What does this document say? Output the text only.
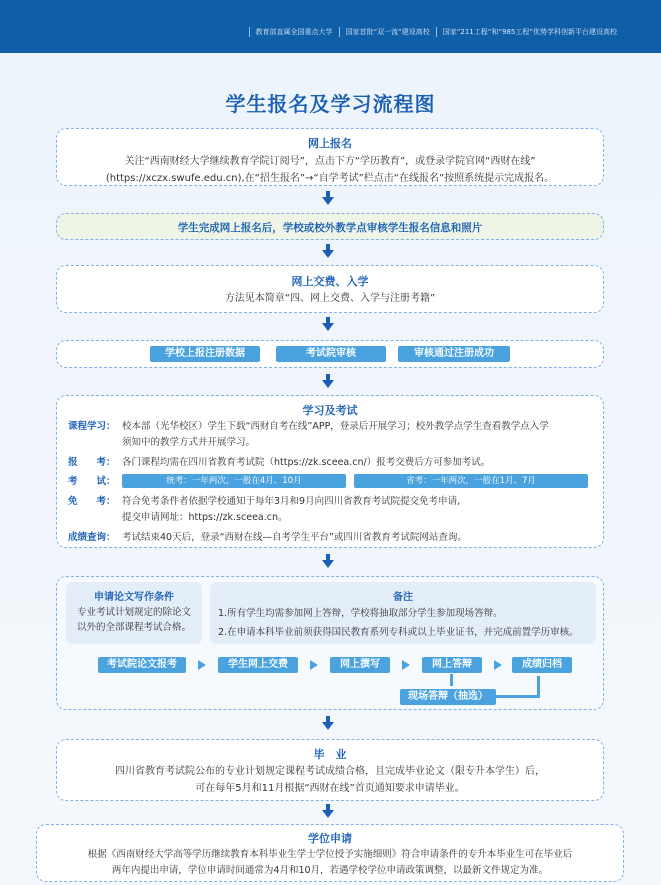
教育部直属全国重点大学	国家首批“双一流”建设高校	国家“211工程”和“985工程”优势学科创新平台建设高校
学生报名及学习流程图
网上报名
关注“西南财经大学继续教育学院订阅号”，点击下方“学历教育”，或登录学院官网“西财在线”
(https://xczx.swufe.edu.cn),在“招生报名”→“自学考试”栏点击“在线报名”按照系统提示完成报名。
学生完成网上报名后，学校或校外教学点审核学生报名信息和照片
网上交费、入学
方法见本简章“四、网上交费、入学与注册考籍”
学校上报注册数据	考试院审核	审核通过注册成功
学习及考试
课程学习： 校本部（光华校区）学生下载“西财自考在线”APP，登录后开展学习；校外教学点学生查看教学点入学
须知中的教学方式并开展学习。
报　　考： 各门课程均需在四川省教育考试院（https://zk.sceea.cn/）报考交费后方可参加考试。
考　　试：	统考：一年两次，一般在4月、10月	省考：一年两次，一般在1月、7月
免　　考： 符合免考条件者依据学校通知于每年3月和9月向四川省教育考试院提交免考申请,
提交申请网址：https://zk.sceea.cn。
成绩查询： 考试结束40天后，登录“西财在线—自考学生平台”或四川省教育考试院网站查询。
申请论文写作条件
专业考试计划规定的除论文
以外的全部课程考试合格。
备注
1.所有学生均需参加网上答辩，学校将抽取部分学生参加现场答辩。
2.在申请本科毕业前须获得国民教育系列专科或以上毕业证书，并完成前置学历审核。
考试院论文报考	学生网上交费	网上撰写	网上答辩	成绩归档
现场答辩（抽选）
毕　业
四川省教育考试院公布的专业计划规定课程考试成绩合格，且完成毕业论文（限专升本学生）后，
可在每年5月和11月根据“西财在线”首页通知要求申请毕业。
学位申请
根据《西南财经大学高等学历继续教育本科毕业生学士学位授予实施细则》符合申请条件的专升本毕业生可在毕业后
两年内提出申请，学位申请时间通常为4月和10月，若遇学校学位申请政策调整，以最新文件规定为准。
